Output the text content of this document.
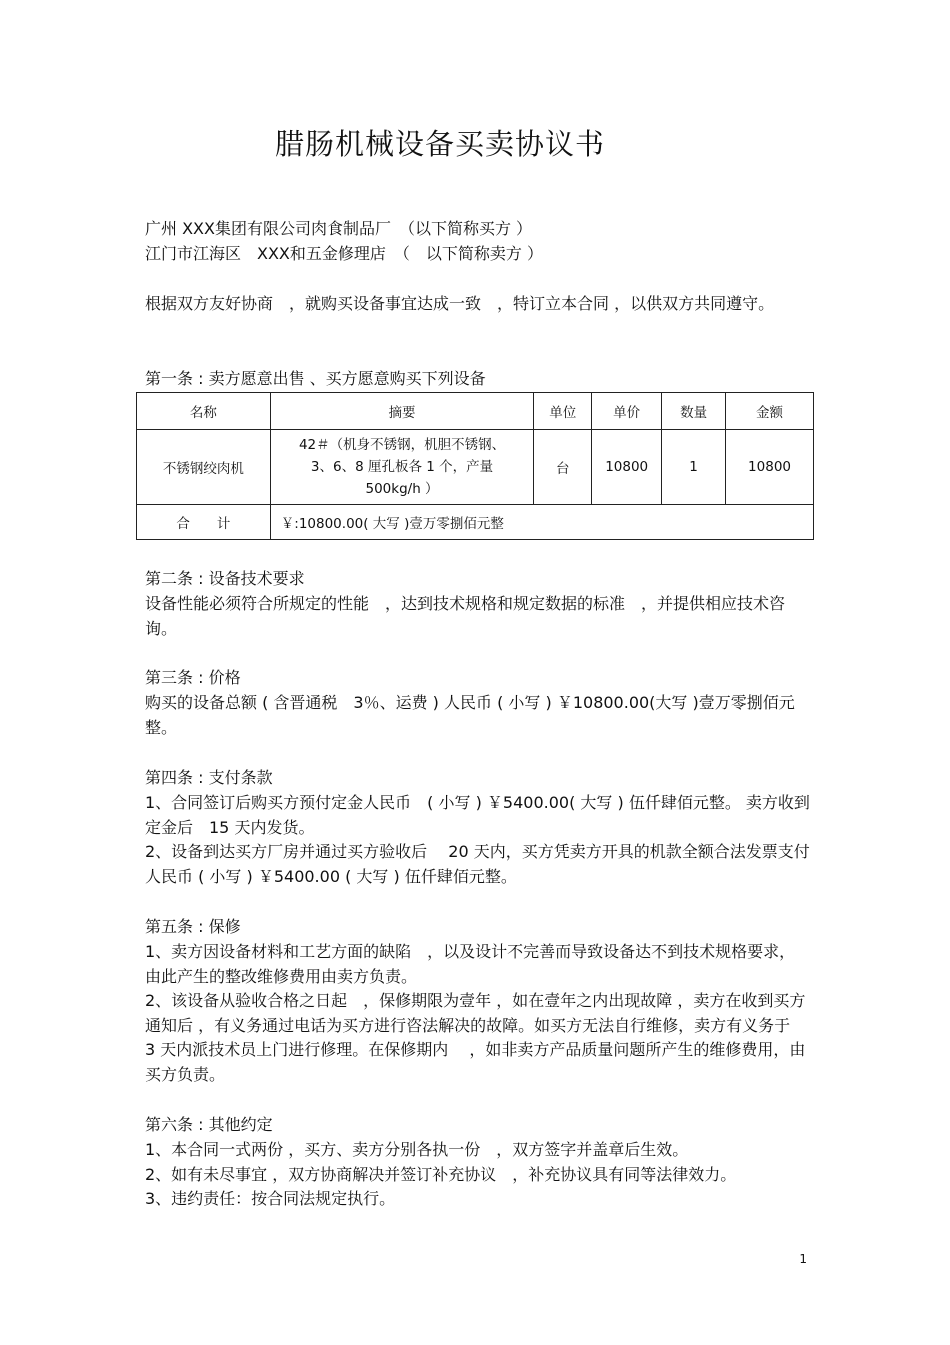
腊肠机械设备买卖协议书
广州 XXX集团有限公司肉食制品厂　（以下简称买方 ）
江门市江海区　XXX和五金修理店　（　以下简称卖方 ）

根据双方友好协商　，就购买设备事宜达成一致　，特订立本合同 ，以供双方共同遵守。

第一条 : 卖方愿意出售 、买方愿意购买下列设备
名称	摘要	单位	单价	数量	金额
不锈钢绞肉机	42＃（机身不锈钢，机胆不锈钢、
3、6、8 厘孔板各 1 个，产量
500kg/h ）	台	10800	1	10800
合　　计	￥:10800.00( 大写 )壹万零捌佰元整				
第二条 : 设备技术要求

设备性能必须符合所规定的性能　，达到技术规格和规定数据的标准　，并提供相应技术咨询。

第三条 : 价格

购买的设备总额 ( 含晋通税　3％、运费 ) 人民币 ( 小写 ) ￥10800.00(大写 )壹万零捌佰元整。

第四条 : 支付条款

1、合同签订后购买方预付定金人民币　( 小写 ) ￥5400.00( 大写 ) 伍仟肆佰元整。 卖方收到定金后　15 天内发货。

2、设备到达买方厂房并通过买方验收后　 20 天内，买方凭卖方开具的机款全额合法发票支付人民币 ( 小写 ) ￥5400.00 ( 大写 ) 伍仟肆佰元整。

第五条 : 保修

1、卖方因设备材料和工艺方面的缺陷　，以及设计不完善而导致设备达不到技术规格要求，由此产生的整改维修费用由卖方负责。

2、该设备从验收合格之日起　，保修期限为壹年 ，如在壹年之内出现故障 ，卖方在收到买方通知后 ，有义务通过电话为买方进行咨法解决的故障。如买方无法自行维修，卖方有义务于　3 天内派技术员上门进行修理。在保修期内　 ，如非卖方产品质量问题所产生的维修费用，由买方负责。

第六条 : 其他约定

1、本合同一式两份 ，买方、卖方分别各执一份　，双方签字并盖章后生效。

2、如有未尽事宜 ，双方协商解决并签订补充协议　，补充协议具有同等法律效力。

3、违约责任：按合同法规定执行。

1
